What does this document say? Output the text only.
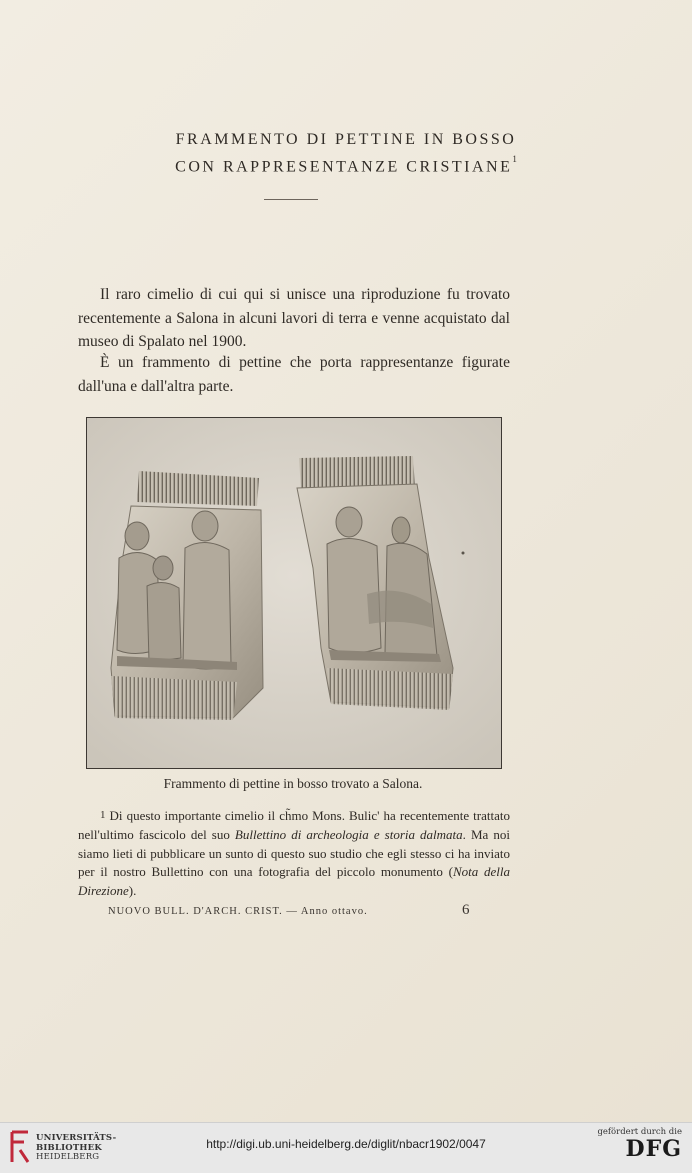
FRAMMENTO DI PETTINE IN BOSSO
CON RAPPRESENTANZE CRISTIANE$^1$

Il raro cimelio di cui qui si unisce una riproduzione fu trovato recentemente a Salona in alcuni lavori di terra e venne acquistato dal museo di Spalato nel 1900.

È un frammento di pettine che porta rappresentanze figurate dall'una e dall'altra parte.

Frammento di pettine in bosso trovato a Salona.

1 Di questo importante cimelio il ch̃mo Mons. Bulic' ha recentemente trattato nell'ultimo fascicolo del suo Bullettino di archeologia e storia dalmata. Ma noi siamo lieti di pubblicare un sunto di questo suo studio che egli stesso ci ha inviato per il nostro Bullettino con una fotografia del piccolo monumento (Nota della Direzione).

NUOVO BULL. D'ARCH. CRIST. — Anno ottavo.	6
UNIVERSITÄTS-
BIBLIOTHEK
HEIDELBERG
http://digi.ub.uni-heidelberg.de/diglit/nbacr1902/0047
gefördert durch die
DFG
